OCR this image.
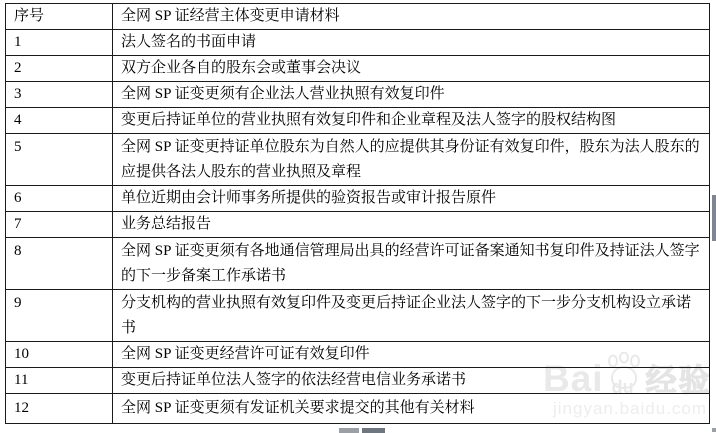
序号	全网 SP 证经营主体变更申请材料
1	法人签名的书面申请
2	双方企业各自的股东会或董事会决议
3	全网 SP 证变更须有企业法人营业执照有效复印件
4	变更后持证单位的营业执照有效复印件和企业章程及法人签字的股权结构图
5	全网 SP 证变更持证单位股东为自然人的应提供其身份证有效复印件，股东为法人股东的应提供各法人股东的营业执照及章程
6	单位近期由会计师事务所提供的验资报告或审计报告原件
7	业务总结报告
8	全网 SP 证变更须有各地通信管理局出具的经营许可证备案通知书复印件及持证法人签字的下一步备案工作承诺书
9	分支机构的营业执照有效复印件及变更后持证企业法人签字的下一步分支机构设立承诺书
10	全网 SP 证变更经营许可证有效复印件
11	变更后持证单位法人签字的依法经营电信业务承诺书
12	全网 SP 证变更须有发证机关要求提交的其他有关材料
Bai du 经验
jingyan.baidu.com
